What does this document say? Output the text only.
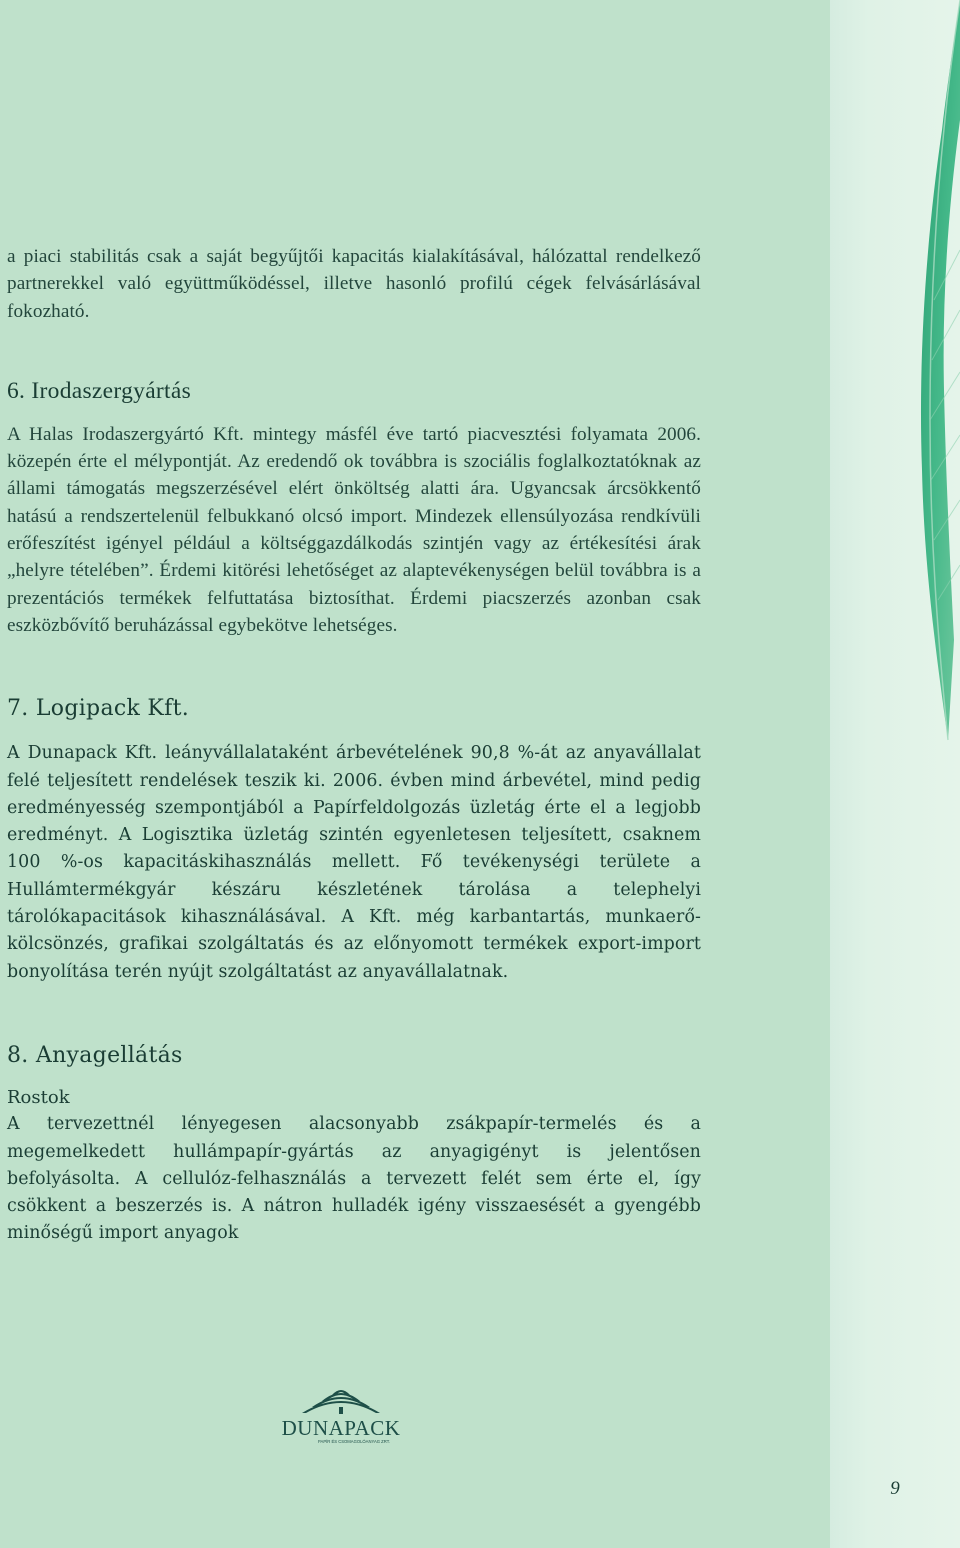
a piaci stabilitás csak a saját begyűjtői kapacitás kialakításával, hálózattal rendelkező partnerekkel való együttműködéssel, illetve hasonló profilú cégek felvásárlásával fokozható.

6. Irodaszergyártás

A Halas Irodaszergyártó Kft. mintegy másfél éve tartó piacvesztési folyamata 2006. közepén érte el mélypontját. Az eredendő ok továbbra is szociális foglalkoztatóknak az állami támogatás megszerzésével elért önköltség alatti ára. Ugyancsak árcsökkentő hatású a rendszertelenül felbukkanó olcsó import. Mindezek ellensúlyozása rendkívüli erőfeszítést igényel például a költséggazdálkodás szintjén vagy az értékesítési árak „helyre tételében”. Érdemi kitörési lehetőséget az alaptevékenységen belül továbbra is a prezentációs termékek felfuttatása biztosíthat. Érdemi piacszerzés azonban csak eszközbővítő beruházással egybekötve lehetséges.

7. Logipack Kft.

A Dunapack Kft. leányvállalataként árbevételének 90,8 %-át az anyavállalat felé teljesített rendelések teszik ki. 2006. évben mind árbevétel, mind pedig eredményesség szempontjából a Papírfeldolgozás üzletág érte el a legjobb eredményt. A Logisztika üzletág szintén egyenletesen teljesített, csaknem 100 %-os kapacitáskihasználás mellett. Fő tevékenységi területe a Hullámtermékgyár készáru készletének tárolása a telephelyi tárolókapacitások kihasználásával. A Kft. még karbantartás, munkaerő-kölcsönzés, grafikai szolgáltatás és az előnyomott termékek export-import bonyolítása terén nyújt szolgáltatást az anyavállalatnak.

8. Anyagellátás
Rostok

A tervezettnél lényegesen alacsonyabb zsákpapír-termelés és a megemelkedett hullámpapír-gyártás az anyagigényt is jelentősen befolyásolta. A cellulóz-felhasználás a tervezett felét sem érte el, így csökkent a beszerzés is. A nátron hulladék igény visszaesését a gyengébb minőségű import anyagok

DUNAPACK
PAPÍR ÉS CSOMAGOLÓANYAG ZRT.
9
